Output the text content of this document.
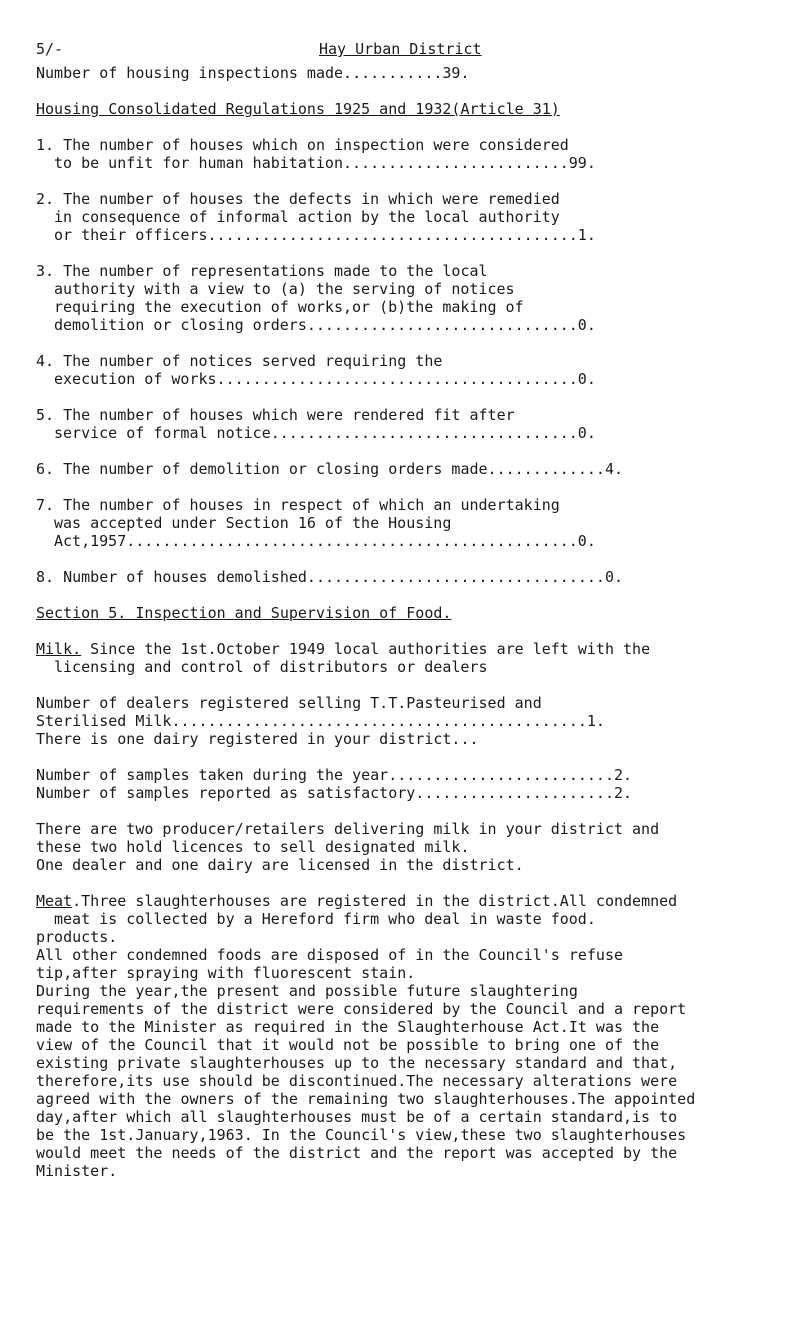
5/-	Hay Urban District

Number of housing inspections made...........39.

Housing Consolidated Regulations 1925 and 1932(Article 31)

1. The number of houses which on inspection were considered

to be unfit for human habitation.........................99.

2. The number of houses the defects in which were remedied

in consequence of informal action by the local authority

or their officers.........................................1.

3. The number of representations made to the local

authority with a view to (a) the serving of notices

requiring the execution of works,or (b)the making of

demolition or closing orders..............................0.

4. The number of notices served requiring the

execution of works........................................0.

5. The number of houses which were rendered fit after

service of formal notice..................................0.

6. The number of demolition or closing orders made.............4.

7. The number of houses in respect of which an undertaking

was accepted under Section 16 of the Housing

Act,1957..................................................0.

8. Number of houses demolished.................................0.

Section 5. Inspection and Supervision of Food.

Milk. Since the 1st.October 1949 local authorities are left with the

licensing and control of distributors or dealers

Number of dealers registered selling T.T.Pasteurised and

Sterilised Milk..............................................1.

There is one dairy registered in your district...

Number of samples taken during the year.........................2.

Number of samples reported as satisfactory......................2.

There are two producer/retailers delivering milk in your district and

these two hold licences to sell designated milk.

One dealer and one dairy are licensed in the district.

Meat.Three slaughterhouses are registered in the district.All condemned

meat is collected by a Hereford firm who deal in waste food.

products.

All other condemned foods are disposed of in the Council's refuse

tip,after spraying with fluorescent stain.

During the year,the present and possible future slaughtering

requirements of the district were considered by the Council and a report

made to the Minister as required in the Slaughterhouse Act.It was the

view of the Council that it would not be possible to bring one of the

existing private slaughterhouses up to the necessary standard and that,

therefore,its use should be discontinued.The necessary alterations were

agreed with the owners of the remaining two slaughterhouses.The appointed

day,after which all slaughterhouses must be of a certain standard,is to

be the 1st.January,1963. In the Council's view,these two slaughterhouses

would meet the needs of the district and the report was accepted by the

Minister.
